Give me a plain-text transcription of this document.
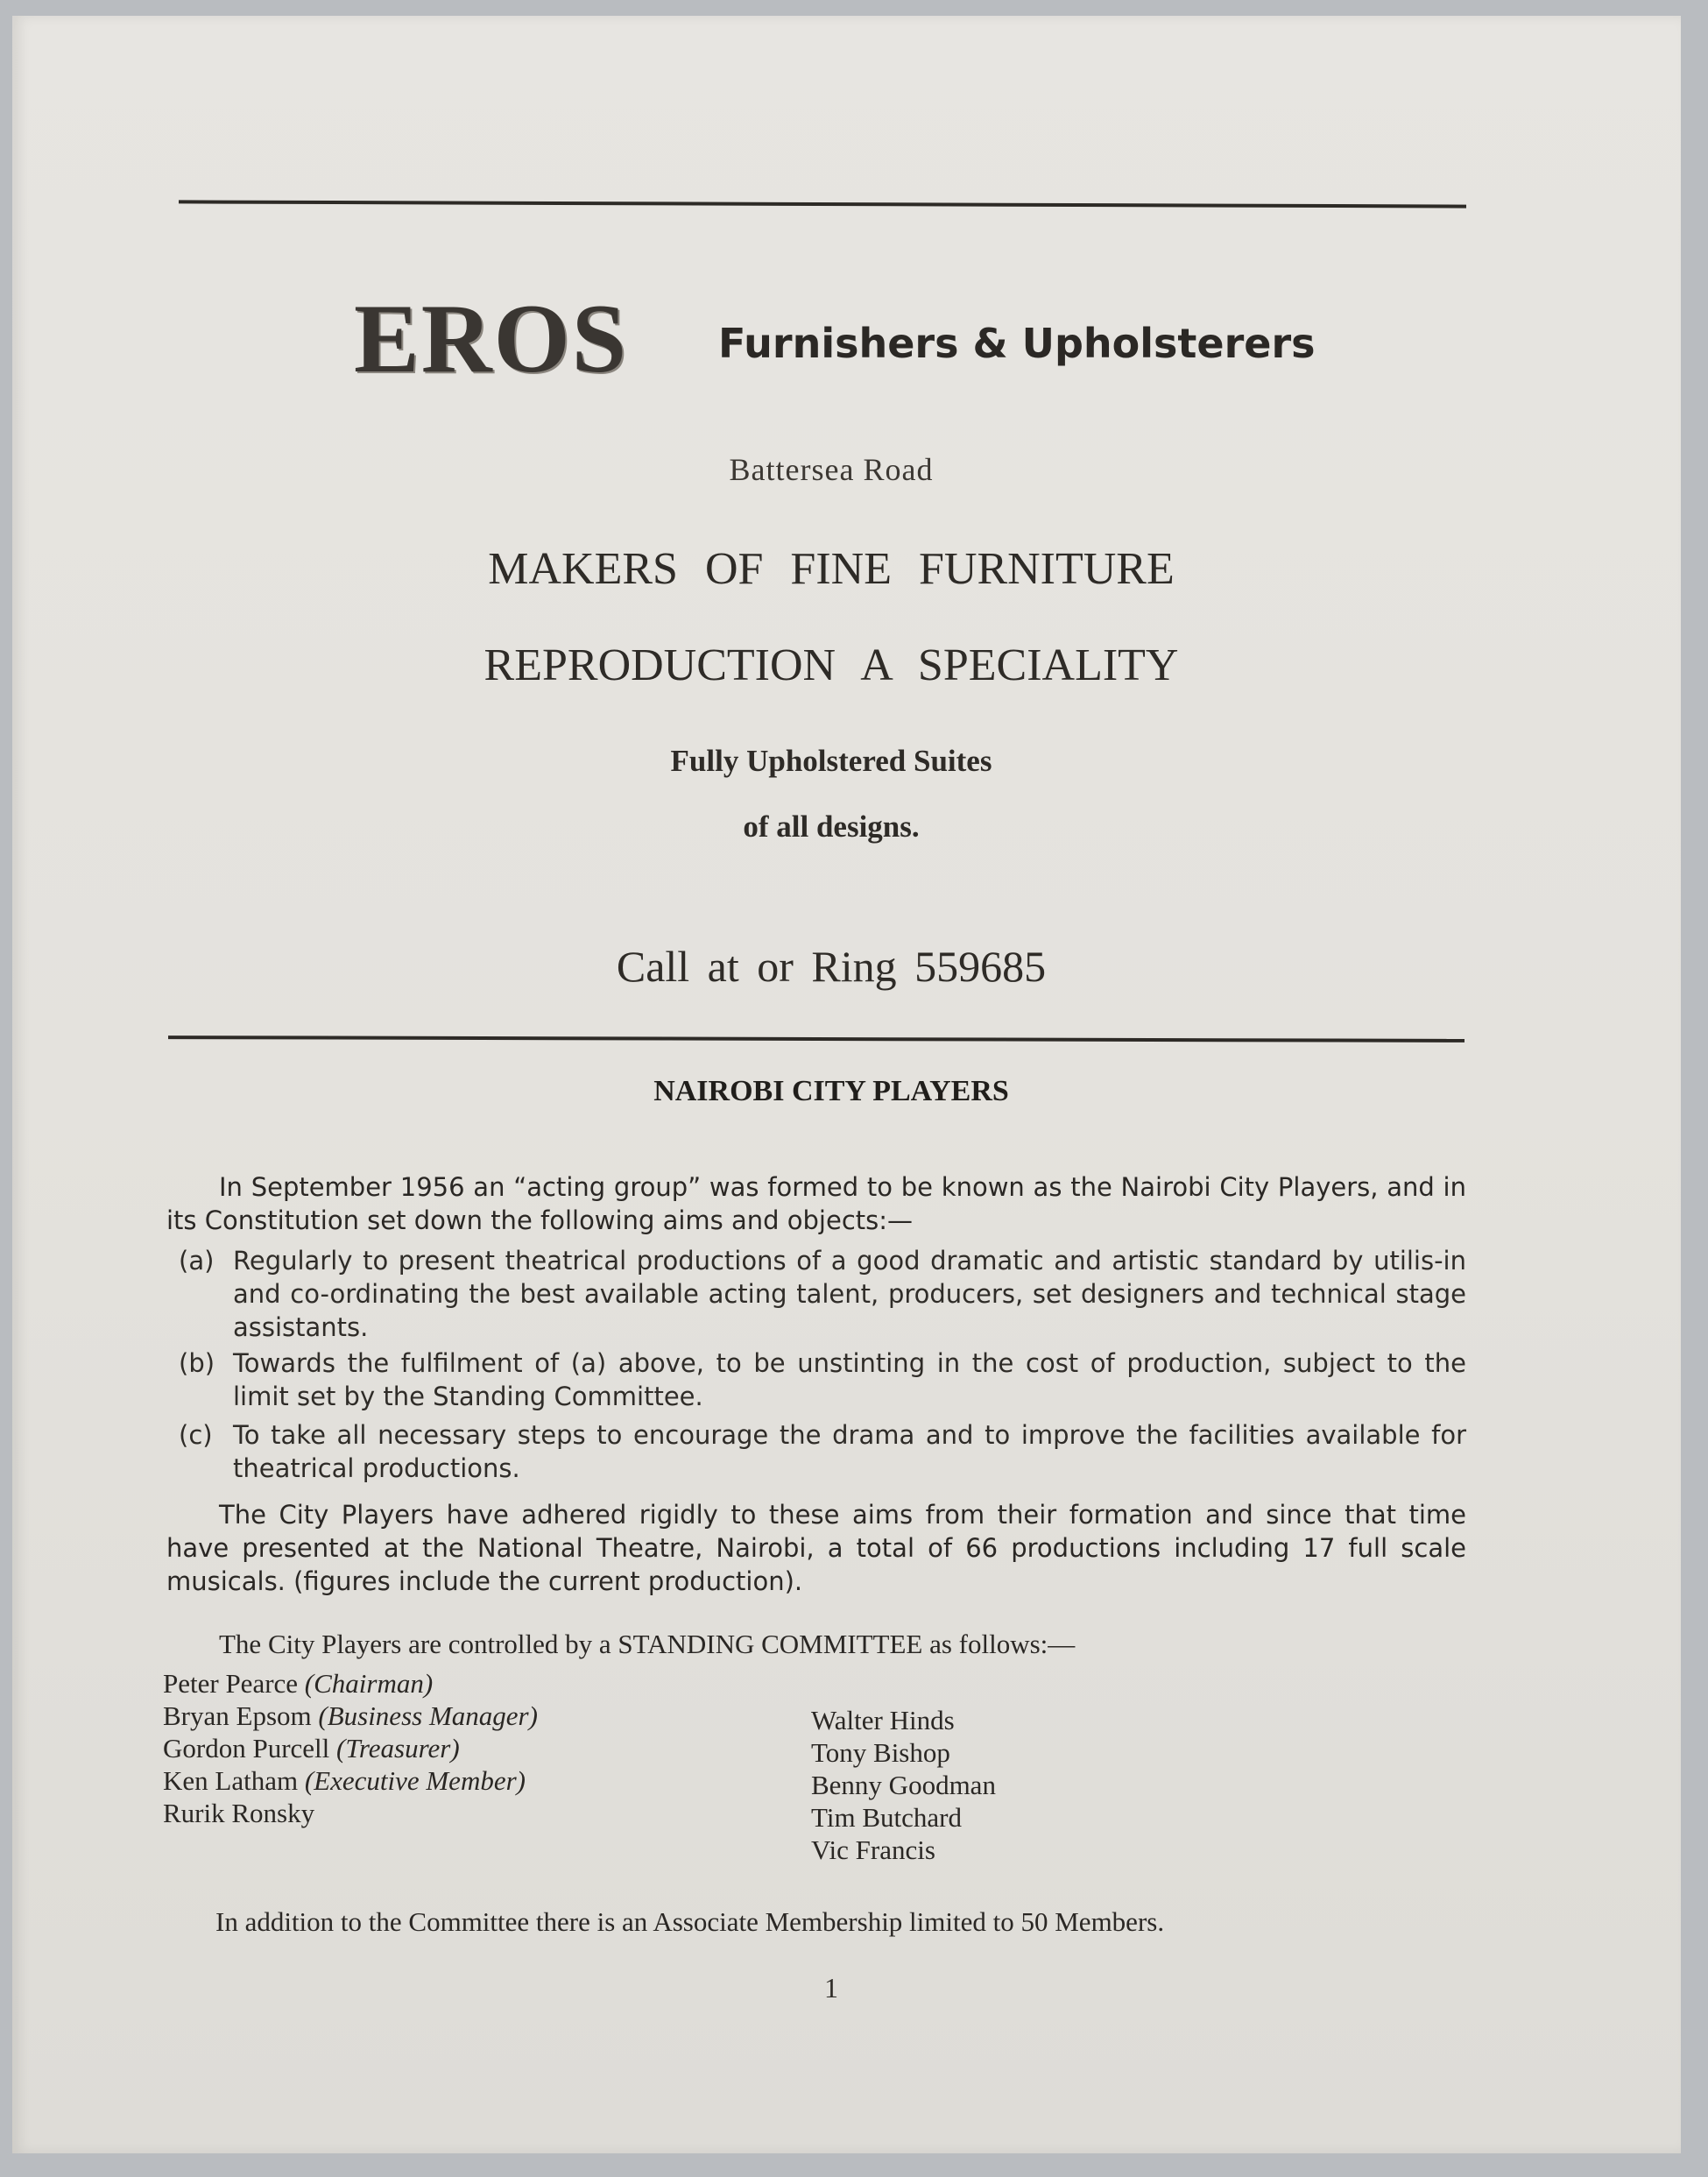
EROS Furnishers & Upholsterers
Battersea Road
MAKERS OF FINE FURNITURE
REPRODUCTION A SPECIALITY
Fully Upholstered Suites
of all designs.
Call at or Ring 559685
NAIROBI CITY PLAYERS

In September 1956 an “acting group” was formed to be known as the Nairobi City Players, and in its Constitution set down the following aims and objects:—

(a) Regularly to present theatrical productions of a good dramatic and artistic standard by utilis-in and co-ordinating the best available acting talent, producers, set designers and technical stage assistants.

(b) Towards the fulfilment of (a) above, to be unstinting in the cost of production, subject to the limit set by the Standing Committee.

(c) To take all necessary steps to encourage the drama and to improve the facilities available for theatrical productions.

The City Players have adhered rigidly to these aims from their formation and since that time have presented at the National Theatre, Nairobi, a total of 66 productions including 17 full scale musicals. (figures include the current production).

The City Players are controlled by a STANDING COMMITTEE as follows:—
Peter Pearce (Chairman)
Bryan Epsom (Business Manager)
Gordon Purcell (Treasurer)
Ken Latham (Executive Member)
Rurik Ronsky
Walter Hinds
Tony Bishop
Benny Goodman
Tim Butchard
Vic Francis
In addition to the Committee there is an Associate Membership limited to 50 Members.
1
